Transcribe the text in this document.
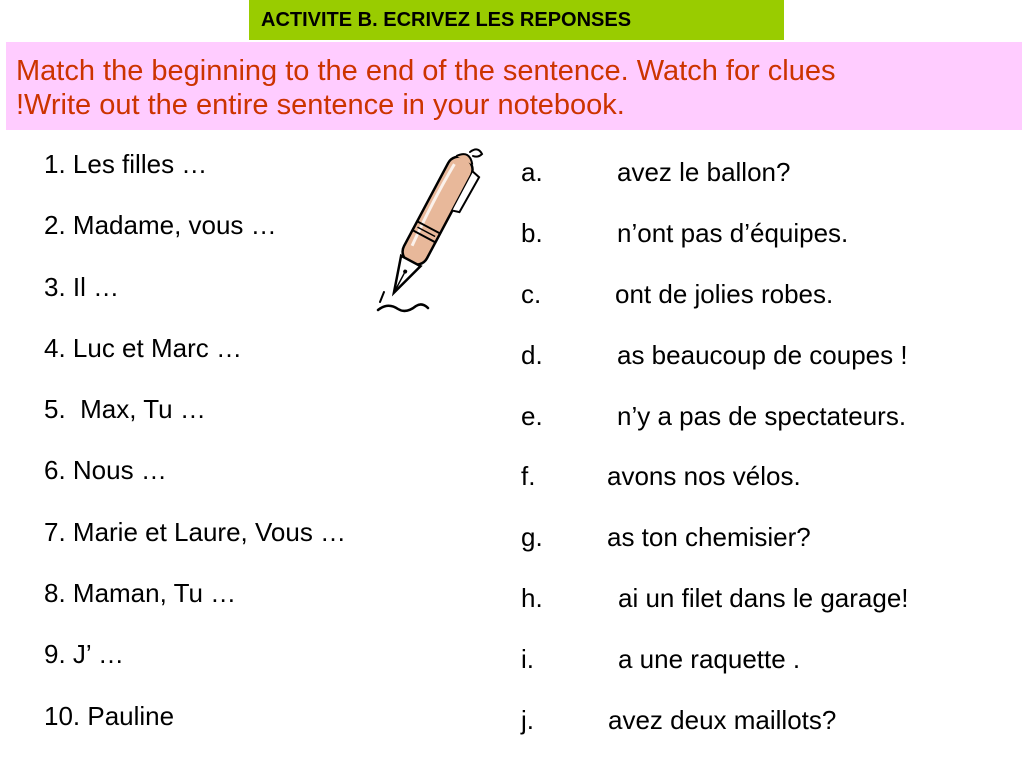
ACTIVITE B. ECRIVEZ LES REPONSES
Match the beginning to the end of the sentence. Watch for clues
!Write out the entire sentence in your notebook.
1. Les filles …
2. Madame, vous …
3. Il …
4. Luc et Marc …
5.  Max, Tu …
6. Nous …
7. Marie et Laure, Vous …
8. Maman, Tu …
9. J’ …
10. Pauline
a.	avez le ballon?
b.	n’ont pas d’équipes.
c.	ont de jolies robes.
d.	as beaucoup de coupes !
e.	n’y a pas de spectateurs.
f.	avons nos vélos.
g. as ton chemisier?
h.	ai un filet dans le garage!
i.	a une raquette .
j.	avez deux maillots?
